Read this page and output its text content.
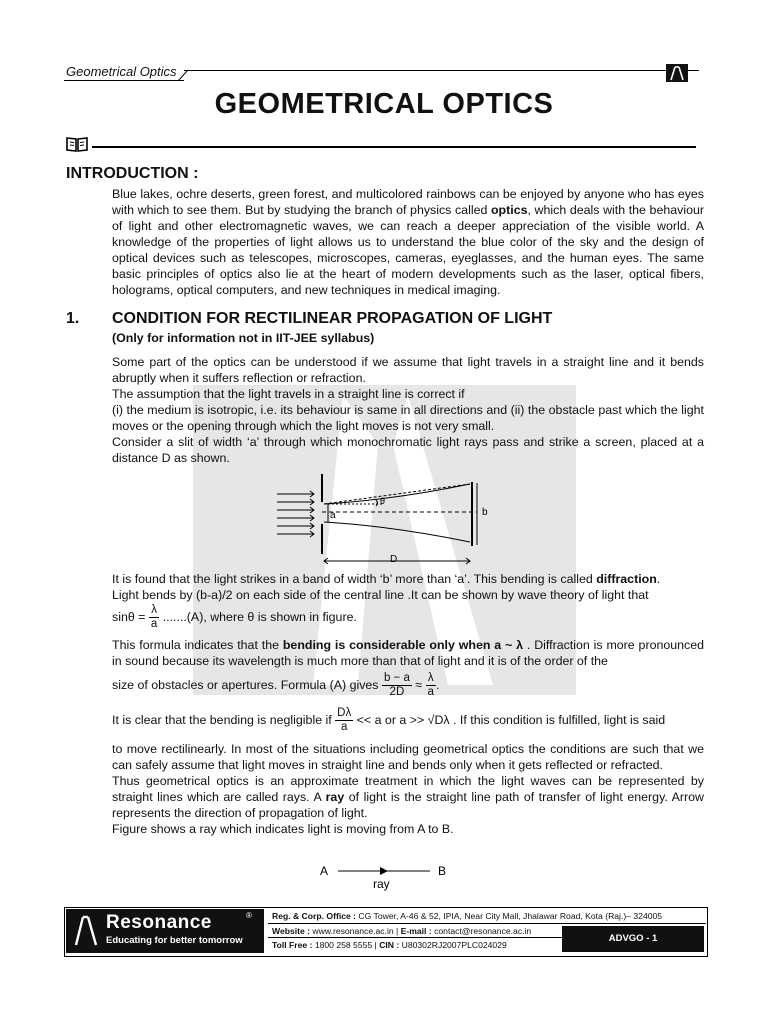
Geometrical Optics
GEOMETRICAL OPTICS
INTRODUCTION :
Blue lakes, ochre deserts, green forest, and multicolored rainbows can be enjoyed by anyone who has eyes with which to see them. But by studying the branch of physics called optics, which deals with the behaviour of light and other electromagnetic waves, we can reach a deeper appreciation of the visible world. A knowledge of the properties of light allows us to understand the blue color of the sky and the design of optical devices such as telescopes, microscopes, cameras, eyeglasses, and the human eyes. The same basic principles of optics also lie at the heart of modern developments such as the laser, optical fibers, holograms, optical computers, and new techniques in medical imaging.
1. CONDITION FOR RECTILINEAR PROPAGATION OF LIGHT
(Only for information not in IIT-JEE syllabus)
Some part of the optics can be understood if we assume that light travels in a straight line and it bends abruptly when it suffers reflection or refraction.
The assumption that the light travels in a straight line is correct if
(i) the medium is isotropic, i.e. its behaviour is same in all directions and (ii) the obstacle past which the light moves or the opening through which the light moves is not very small.
Consider a slit of width ‘a’ through which monochromatic light rays pass and strike a screen, placed at a distance D as shown.
a	b
D
θ
It is found that the light strikes in a band of width ‘b’ more than ‘a’. This bending is called diffraction.
Light bends by (b-a)/2 on each side of the central line .It can be shown by wave theory of light that
$\sin\theta = \frac{\lambda}{a} .......(A)$, where θ is shown in figure.
This formula indicates that the bending is considerable only when a ~ λ . Diffraction is more pronounced in sound because its wavelength is much more than that of light and it is of the order of the
size of obstacles or apertures. Formula (A) gives $\frac{b - a}{2D} \approx \frac{\lambda}{a}$ .
It is clear that the bending is negligible if $\frac{D\lambda}{a} << a$ or a >> √Dλ . If this condition is fulfilled, light is said
to move rectilinearly. In most of the situations including geometrical optics the conditions are such that we can safely assume that light moves in straight line and bends only when it gets reflected or refracted.
Thus geometrical optics is an approximate treatment in which the light waves can be represented by straight lines which are called rays. A ray of light is the straight line path of transfer of light energy. Arrow represents the direction of propagation of light.
Figure shows a ray which indicates light is moving from A to B.
A	B
ray
Resonance	®
Educating for better tomorrow
Reg. & Corp. Office : CG Tower, A-46 & 52, IPIA, Near City Mall, Jhalawar Road, Kota (Raj.)– 324005
Website : www.resonance.ac.in | E-mail : contact@resonance.ac.in
Toll Free : 1800 258 5555 | CIN : U80302RJ2007PLC024029
ADVGO - 1
